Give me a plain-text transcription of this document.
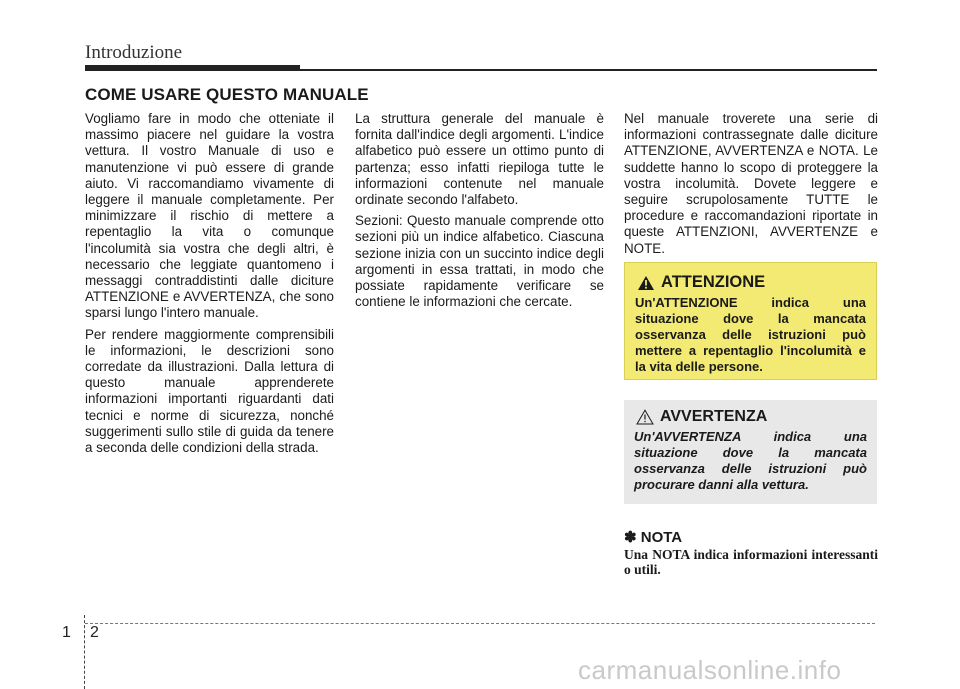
Introduzione
COME USARE QUESTO MANUALE

Vogliamo fare in modo che otteniate il massimo piacere nel guidare la vostra vettura. Il vostro Manuale di uso e manutenzione vi può essere di grande aiuto. Vi raccomandiamo vivamente di leggere il manuale completamente. Per minimizzare il rischio di mettere a repentaglio la vita o comunque l'incolumità sia vostra che degli altri, è necessario che leggiate quantomeno i messaggi contraddistinti dalle diciture ATTENZIONE e AVVERTENZA, che sono sparsi lungo l'intero manuale.

Per rendere maggiormente comprensibili le informazioni, le descrizioni sono corredate da illustrazioni. Dalla lettura di questo manuale apprenderete informazioni importanti riguardanti dati tecnici e norme di sicurezza, nonché suggerimenti sullo stile di guida da tenere a seconda delle condizioni della strada.

La struttura generale del manuale è fornita dall'indice degli argomenti. L'indice alfabetico può essere un ottimo punto di partenza; esso infatti riepiloga tutte le informazioni contenute nel manuale ordinate secondo l'alfabeto.

Sezioni: Questo manuale comprende otto sezioni più un indice alfabetico. Ciascuna sezione inizia con un succinto indice degli argomenti in essa trattati, in modo che possiate rapidamente verificare se contiene le informazioni che cercate.

Nel manuale troverete una serie di informazioni contrassegnate dalle diciture ATTENZIONE, AVVERTENZA e NOTA. Le suddette hanno lo scopo di proteggere la vostra incolumità. Dovete leggere e seguire scrupolosamente TUTTE le procedure e raccomandazioni riportate in queste ATTENZIONI, AVVERTENZE e NOTE.

ATTENZIONE
Un'ATTENZIONE indica una situazione dove la mancata osservanza delle istruzioni può mettere a repentaglio l'incolumità e la vita delle persone.
AVVERTENZA
Un'AVVERTENZA indica una situazione dove la mancata osservanza delle istruzioni può procurare danni alla vettura.
✽ NOTA
Una NOTA indica informazioni interessanti o utili.
1 2
carmanualsonline.info
